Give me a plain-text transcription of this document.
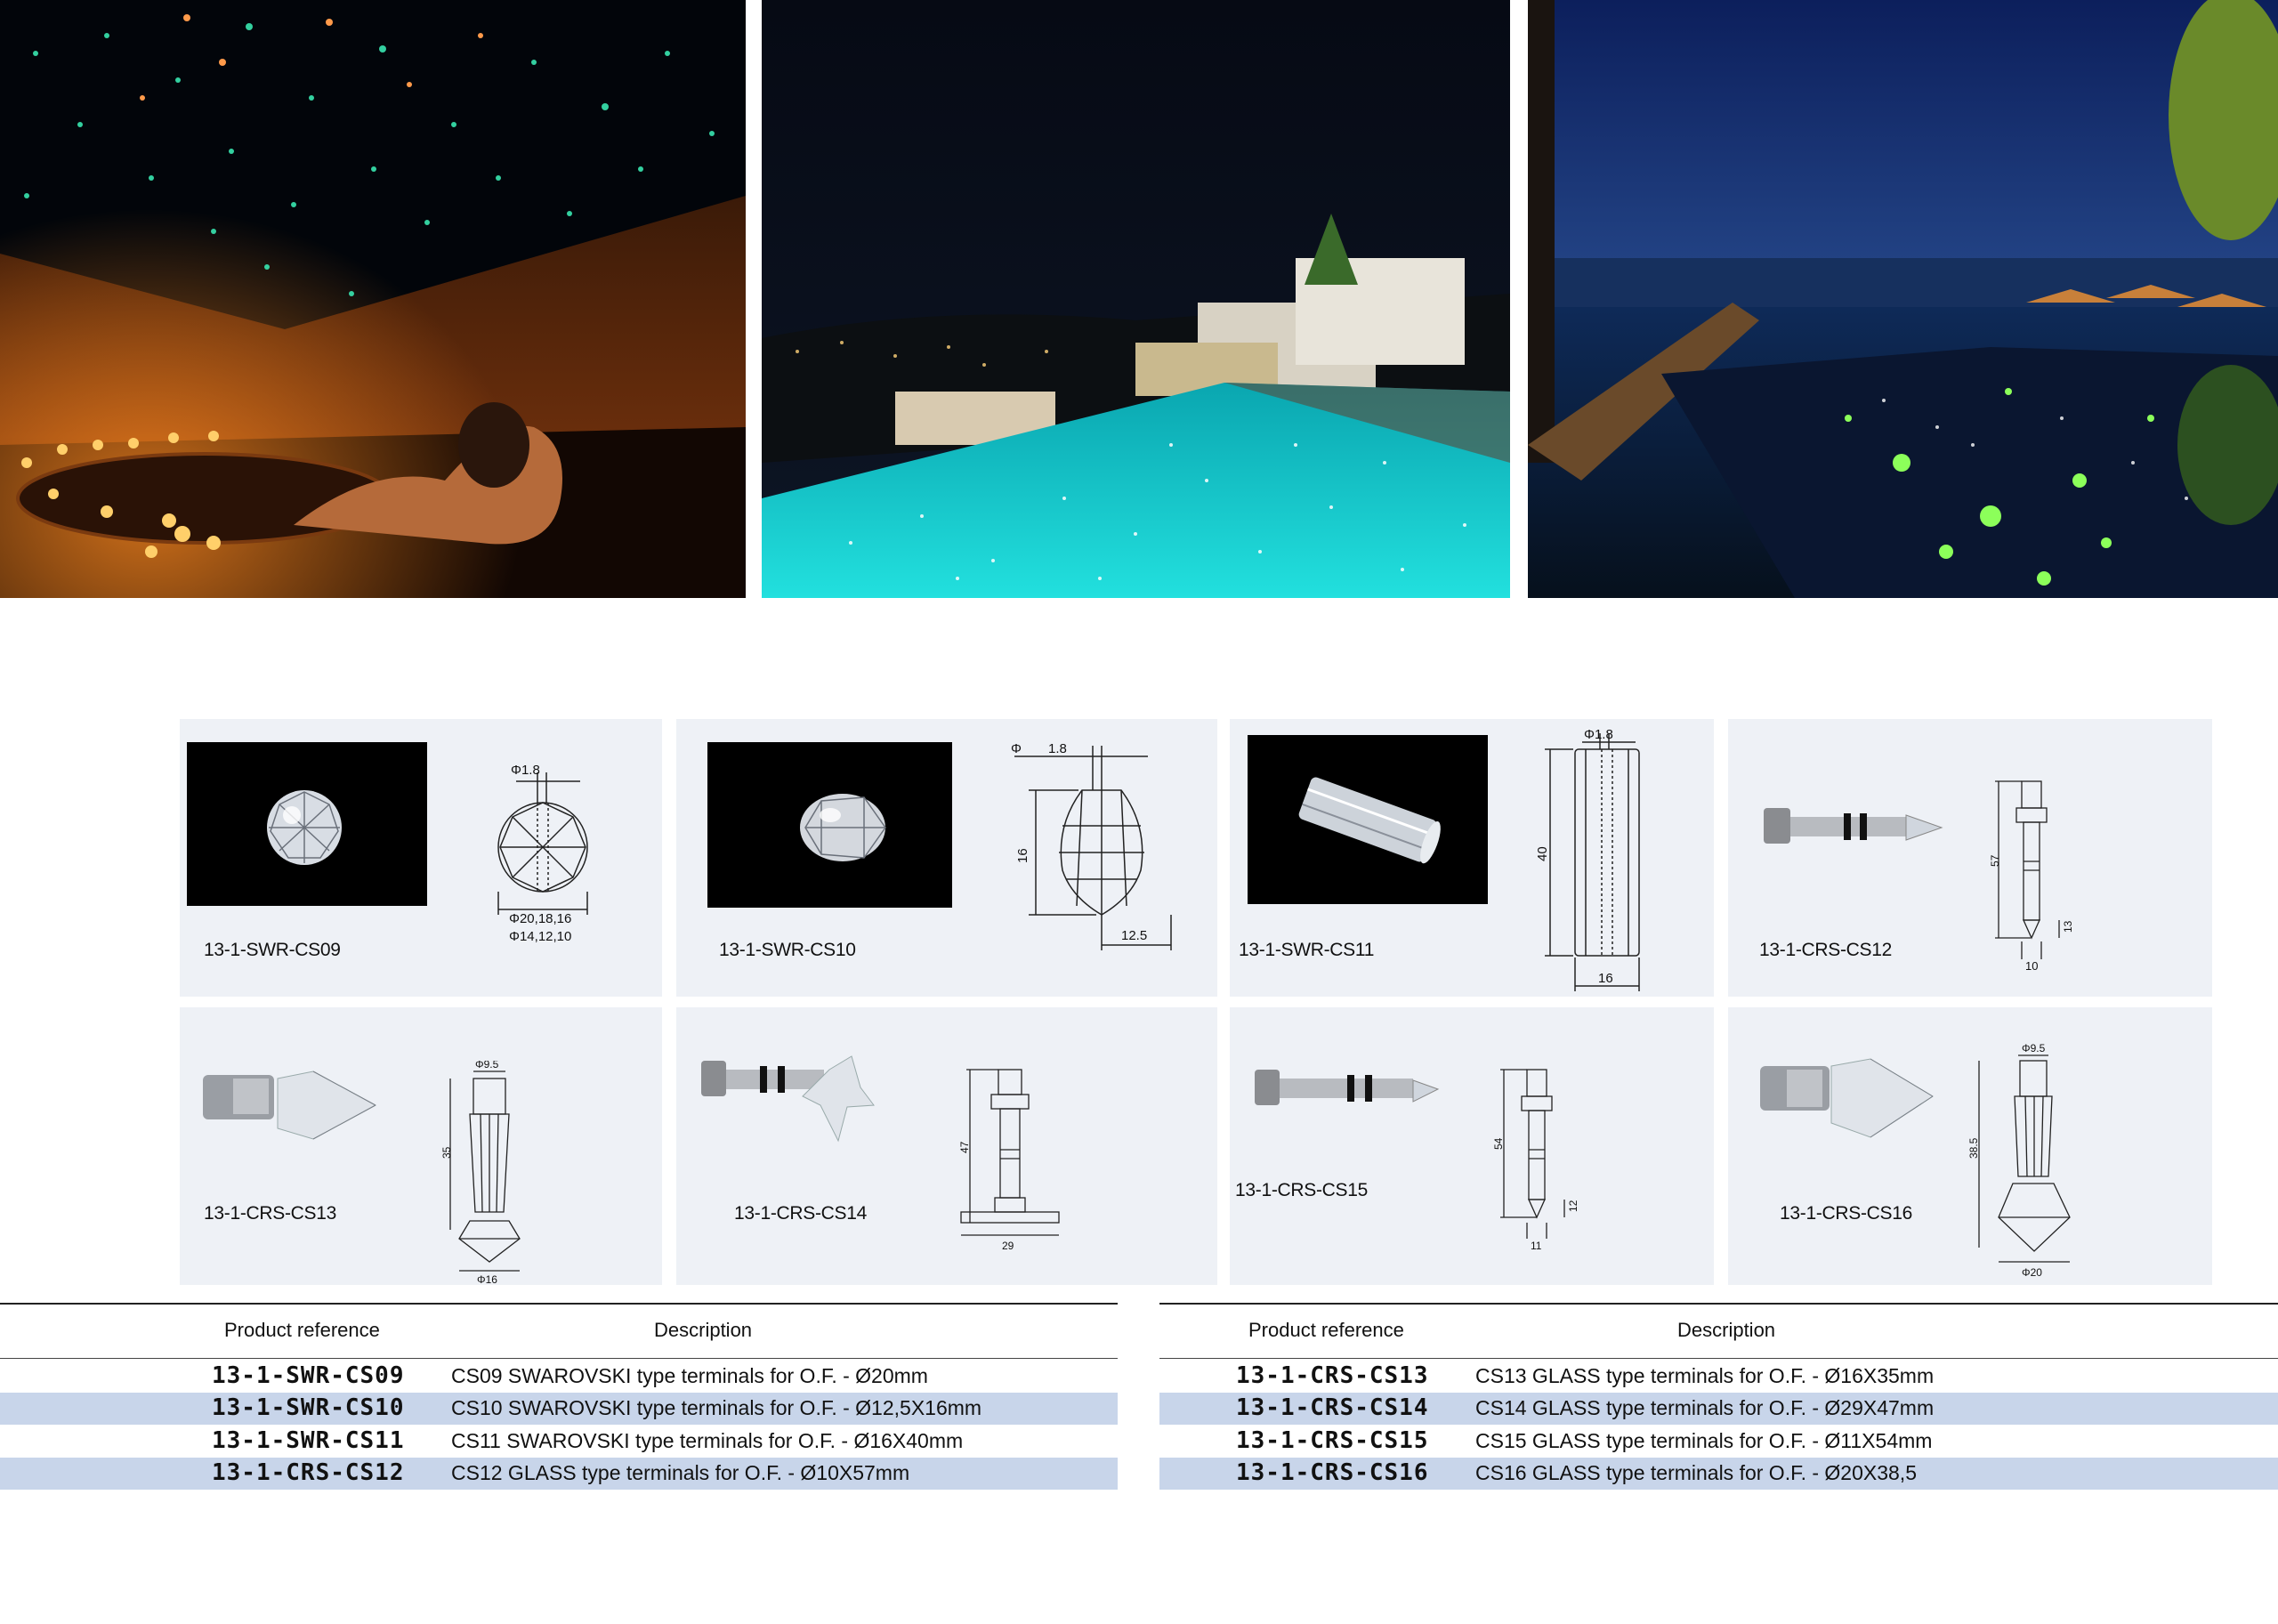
Φ1.8
Φ20,18,16
Φ14,12,10
13-1-SWR-CS09
Φ 1.8
16
12.5
13-1-SWR-CS10
Φ1.8
40
16
13-1-SWR-CS11
57
13
10
13-1-CRS-CS12
Φ9.5
35
Φ16
13-1-CRS-CS13
47
29
13-1-CRS-CS14
54
12
11
13-1-CRS-CS15
Φ9.5
38.5
Φ20
13-1-CRS-CS16
Product reference	Description
13-1-SWR-CS09 CS09 SWAROVSKI type terminals for O.F. - Ø20mm
13-1-SWR-CS10 CS10 SWAROVSKI type terminals for O.F. - Ø12,5X16mm
13-1-SWR-CS11 CS11 SWAROVSKI type terminals for O.F. - Ø16X40mm
13-1-CRS-CS12 CS12 GLASS type terminals for O.F. - Ø10X57mm
Product reference	Description
13-1-CRS-CS13 CS13 GLASS type terminals for O.F. - Ø16X35mm
13-1-CRS-CS14 CS14 GLASS type terminals for O.F. - Ø29X47mm
13-1-CRS-CS15 CS15 GLASS type terminals for O.F. - Ø11X54mm
13-1-CRS-CS16 CS16 GLASS type terminals for O.F. - Ø20X38,5
